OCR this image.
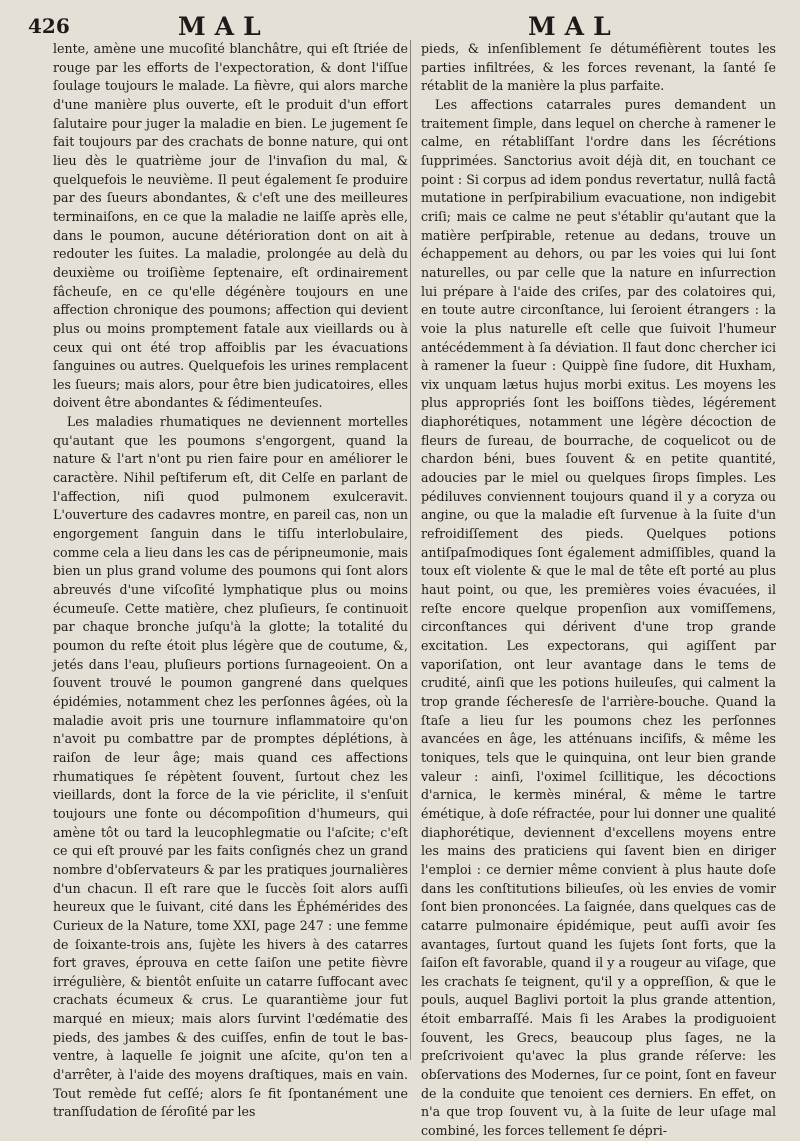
426	MAL	MAL

lente, amène une mucoſité blanchâtre, qui eſt ſtriée de rouge par les efforts de l'expectoration, & dont l'iſſue ſoulage toujours le malade. La fièvre, qui alors marche d'une manière plus ouverte, eſt le produit d'un effort ſalutaire pour juger la maladie en bien. Le jugement ſe fait toujours par des crachats de bonne nature, qui ont lieu dès le quatrième jour de l'invaſion du mal, & quelquefois le neuvième. Il peut également ſe produire par des ſueurs abondantes, & c'eſt une des meilleures terminaiſons, en ce que la maladie ne laiſſe après elle, dans le poumon, aucune détérioration dont on ait à redouter les ſuites. La maladie, prolongée au delà du deuxième ou troiſième ſeptenaire, eſt ordinairement fâcheuſe, en ce qu'elle dégénère toujours en une affection chronique des poumons; affection qui devient plus ou moins promptement fatale aux vieillards ou à ceux qui ont été trop affoiblis par les évacuations ſanguines ou autres. Quelquefois les urines remplacent les ſueurs; mais alors, pour être bien judicatoires, elles doivent être abondantes & ſédimenteuſes.

Les maladies rhumatiques ne deviennent mortelles qu'autant que les poumons s'engorgent, quand la nature & l'art n'ont pu rien faire pour en améliorer le caractère. Nihil peſtiferum eſt, dit Celſe en parlant de l'affection, niſi quod pulmonem exulceravit. L'ouverture des cadavres montre, en pareil cas, non un engorgement ſanguin dans le tiſſu interlobulaire, comme cela a lieu dans les cas de péripneumonie, mais bien un plus grand volume des poumons qui ſont alors abreuvés d'une viſcoſité lymphatique plus ou moins écumeuſe. Cette matière, chez pluſieurs, ſe continuoit par chaque bronche juſqu'à la glotte; la totalité du poumon du reſte étoit plus légère que de coutume, &, jetés dans l'eau, pluſieurs portions ſurnageoient. On a ſouvent trouvé le poumon gangrené dans quelques épidémies, notamment chez les perſonnes âgées, où la maladie avoit pris une tournure inflammatoire qu'on n'avoit pu combattre par de promptes déplétions, à raiſon de leur âge; mais quand ces affections rhumatiques ſe répètent ſouvent, ſurtout chez les vieillards, dont la force de la vie périclite, il s'enſuit toujours une fonte ou décompoſition d'humeurs, qui amène tôt ou tard la leucophlegmatie ou l'aſcite; c'eſt ce qui eſt prouvé par les faits conſignés chez un grand nombre d'obſervateurs & par les pratiques journalières d'un chacun. Il eſt rare que le ſuccès ſoit alors auſſi heureux que le ſuivant, cité dans les Éphémérides des Curieux de la Nature, tome XXI, page 247 : une femme de ſoixante-trois ans, ſujète les hivers à des catarres fort graves, éprouva en cette ſaiſon une petite fièvre irrégulière, & bientôt enſuite un catarre ſuffocant avec crachats écumeux & crus. Le quarantième jour fut marqué en mieux; mais alors ſurvint l'œdématie des pieds, des jambes & des cuiſſes, enfin de tout le bas-ventre, à laquelle ſe joignit une aſcite, qu'on ten a d'arrêter, à l'aide des moyens draſtiques, mais en vain. Tout remède fut ceſſé; alors ſe fit ſpontanément une tranſſudation de ſéroſité par les

pieds, & inſenſiblement ſe détuméfièrent toutes les parties infiltrées, & les forces revenant, la ſanté ſe rétablit de la manière la plus parfaite.

Les affections catarrales pures demandent un traitement ſimple, dans lequel on cherche à ramener le calme, en rétabliſſant l'ordre dans les ſécrétions ſupprimées. Sanctorius avoit déjà dit, en touchant ce point : Si corpus ad idem pondus revertatur, nullâ factâ mutatione in perſpirabilium evacuatione, non indigebit criſi; mais ce calme ne peut s'établir qu'autant que la matière perſpirable, retenue au dedans, trouve un échappement au dehors, ou par les voies qui lui ſont naturelles, ou par celle que la nature en inſurrection lui prépare à l'aide des criſes, par des colatoires qui, en toute autre circonſtance, lui ſeroient étrangers : la voie la plus naturelle eſt celle que ſuivoit l'humeur antécédemment à ſa déviation. Il faut donc chercher ici à ramener la ſueur : Quippè ſine ſudore, dit Huxham, vix unquam lætus hujus morbi exitus. Les moyens les plus appropriés ſont les boiſſons tièdes, légérement diaphorétiques, notamment une légère décoction de fleurs de ſureau, de bourrache, de coquelicot ou de chardon béni, bues ſouvent & en petite quantité, adoucies par le miel ou quelques ſirops ſimples. Les pédiluves conviennent toujours quand il y a coryza ou angine, ou que la maladie eſt ſurvenue à la ſuite d'un refroidiſſement des pieds. Quelques potions antiſpaſmodiques ſont également admiſſibles, quand la toux eſt violente & que le mal de tête eſt porté au plus haut point, ou que, les premières voies évacuées, il reſte encore quelque propenſion aux vomiſſemens, circonſtances qui dérivent d'une trop grande excitation. Les expectorans, qui agiſſent par vaporiſation, ont leur avantage dans le tems de crudité, ainſi que les potions huileuſes, qui calment la trop grande ſécheresſe de l'arrière-bouche. Quand la ſtaſe a lieu ſur les poumons chez les perſonnes avancées en âge, les atténuans inciſifs, & même les toniques, tels que le quinquina, ont leur bien grande valeur : ainſi, l'oximel ſcillitique, les décoctions d'arnica, le kermès minéral, & même le tartre émétique, à doſe réfractée, pour lui donner une qualité diaphorétique, deviennent d'excellens moyens entre les mains des praticiens qui ſavent bien en diriger l'emploi : ce dernier même convient à plus haute doſe dans les conſtitutions bilieuſes, où les envies de vomir ſont bien prononcées. La ſaignée, dans quelques cas de catarre pulmonaire épidémique, peut auſſi avoir ſes avantages, ſurtout quand les ſujets ſont forts, que la ſaiſon eſt favorable, quand il y a rougeur au viſage, que les crachats ſe teignent, qu'il y a oppreſſion, & que le pouls, auquel Baglivi portoit la plus grande attention, étoit embarraſſé. Mais ſi les Arabes la prodiguoient ſouvent, les Grecs, beaucoup plus ſages, ne la preſcrivoient qu'avec la plus grande réſerve: les obſervations des Modernes, ſur ce point, ſont en faveur de la conduite que tenoient ces derniers. En effet, on n'a que trop ſouvent vu, à la ſuite de leur uſage mal combiné, les forces tellement ſe dépri-
